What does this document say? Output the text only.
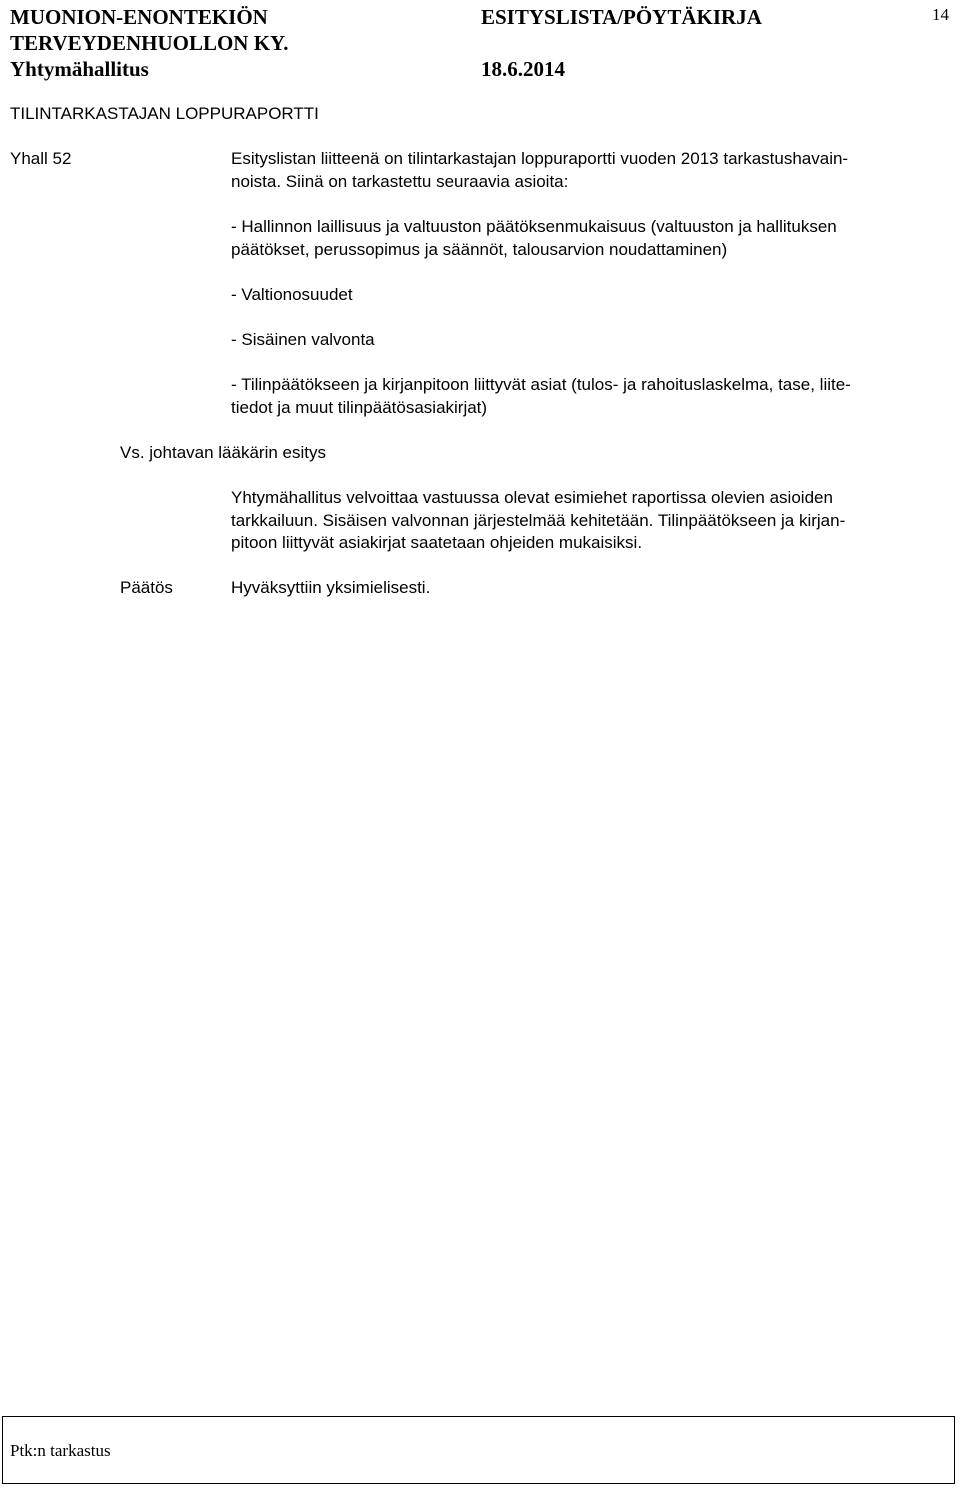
MUONION-ENONTEKIÖN
TERVEYDENHUOLLON KY.
Yhtymähallitus
ESITYSLISTA/PÖYTÄKIRJA
18.6.2014
14
TILINTARKASTAJAN LOPPURAPORTTI
Yhall 52	Esityslistan liitteenä on tilintarkastajan loppuraportti vuoden 2013 tarkastushavain-
noista. Siinä on tarkastettu seuraavia asioita:
- Hallinnon laillisuus ja valtuuston päätöksenmukaisuus (valtuuston ja hallituksen
päätökset, perussopimus ja säännöt, talousarvion noudattaminen)
- Valtionosuudet
- Sisäinen valvonta
- Tilinpäätökseen ja kirjanpitoon liittyvät asiat (tulos- ja rahoituslaskelma, tase, liite-
tiedot ja muut tilinpäätösasiakirjat)
Vs. johtavan lääkärin esitys
Yhtymähallitus velvoittaa vastuussa olevat esimiehet raportissa olevien asioiden
tarkkailuun. Sisäisen valvonnan järjestelmää kehitetään. Tilinpäätökseen ja kirjan-
pitoon liittyvät asiakirjat saatetaan ohjeiden mukaisiksi.
Päätös	Hyväksyttiin yksimielisesti.
Ptk:n tarkastus
